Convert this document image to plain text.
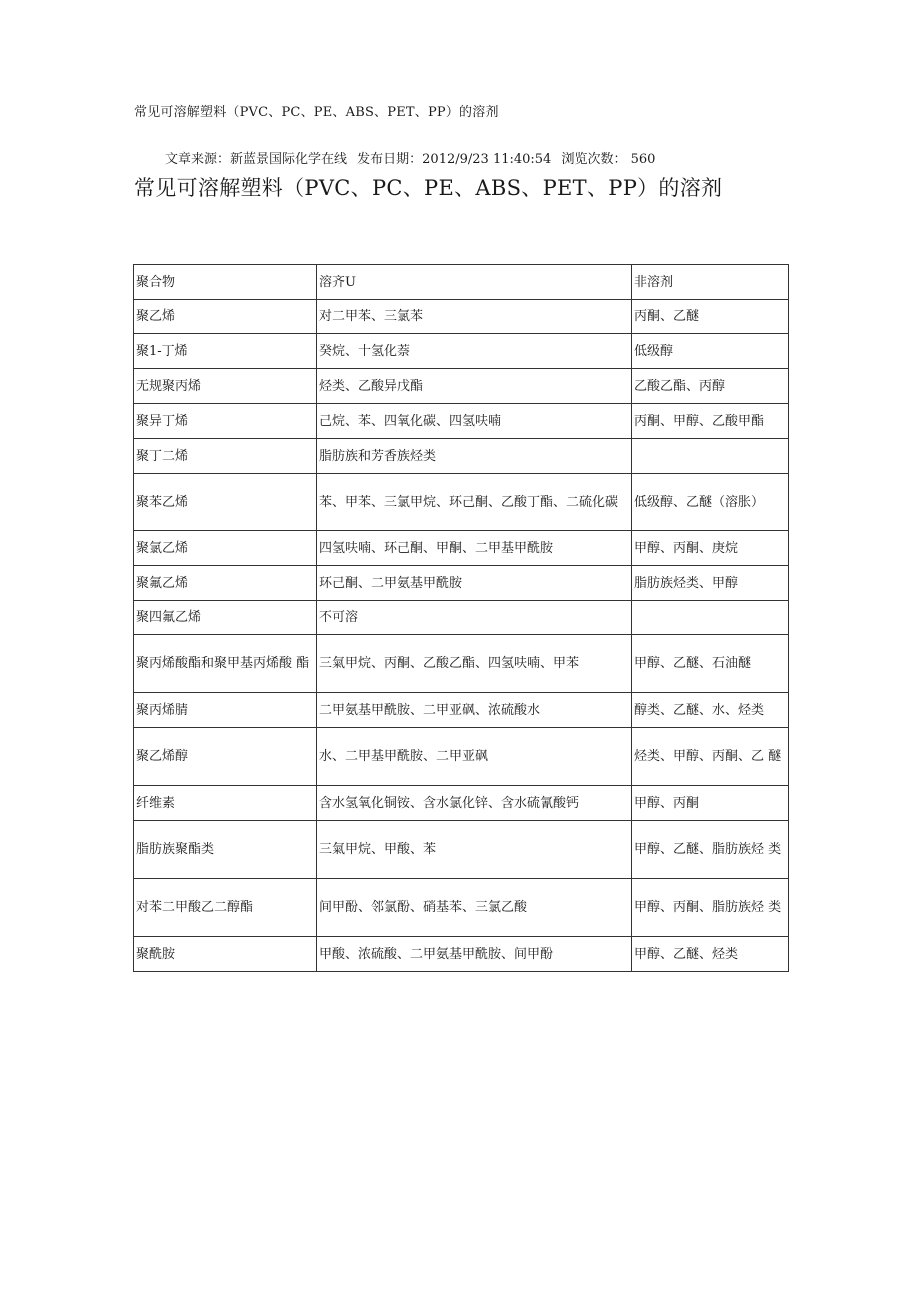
常见可溶解塑料（PVC、PC、PE、ABS、PET、PP）的溶剂
文章来源：新蓝景国际化学在线 发布日期：2012/9/23 11:40:54 浏览次数： 560
常见可溶解塑料（PVC、PC、PE、ABS、PET、PP）的溶剂
聚合物	溶齐U	非溶剂
聚乙烯	对二甲苯、三氯苯	丙酮、乙醚
聚1-丁烯	癸烷、十氢化萘	低级醇
无规聚丙烯	烃类、乙酸异戊酯	乙酸乙酯、丙醇
聚异丁烯	己烷、苯、四氧化碳、四氢呋喃	丙酮、甲醇、乙酸甲酯
聚丁二烯	脂肪族和芳香族烃类	
聚苯乙烯	苯、甲苯、三氯甲烷、环己酮、乙酸丁酯、二硫化碳	低级醇、乙醚（溶胀）
聚氯乙烯	四氢呋喃、环己酮、甲酮、二甲基甲酰胺	甲醇、丙酮、庚烷
聚氟乙烯	环己酮、二甲氨基甲酰胺	脂肪族烃类、甲醇
聚四氟乙烯	不可溶	
聚丙烯酸酯和聚甲基丙烯酸 酯	三氣甲烷、丙酮、乙酸乙酯、四氢呋喃、甲苯	甲醇、乙醚、石油醚
聚丙烯腈	二甲氨基甲酰胺、二甲亚砜、浓硫酸水	醇类、乙醚、水、烃类
聚乙烯醇	水、二甲基甲酰胺、二甲亚砜	烃类、甲醇、丙酮、乙 醚
纤维素	含水氢氧化铜铵、含水氯化锌、含水硫氰酸钙	甲醇、丙酮
脂肪族聚酯类	三氣甲烷、甲酸、苯	甲醇、乙醚、脂肪族烃 类
对苯二甲酸乙二醇酯	间甲酚、邻氯酚、硝基苯、三氯乙酸	甲醇、丙酮、脂肪族烃 类
聚酰胺	甲酸、浓硫酸、二甲氨基甲酰胺、间甲酚	甲醇、乙醚、烃类
